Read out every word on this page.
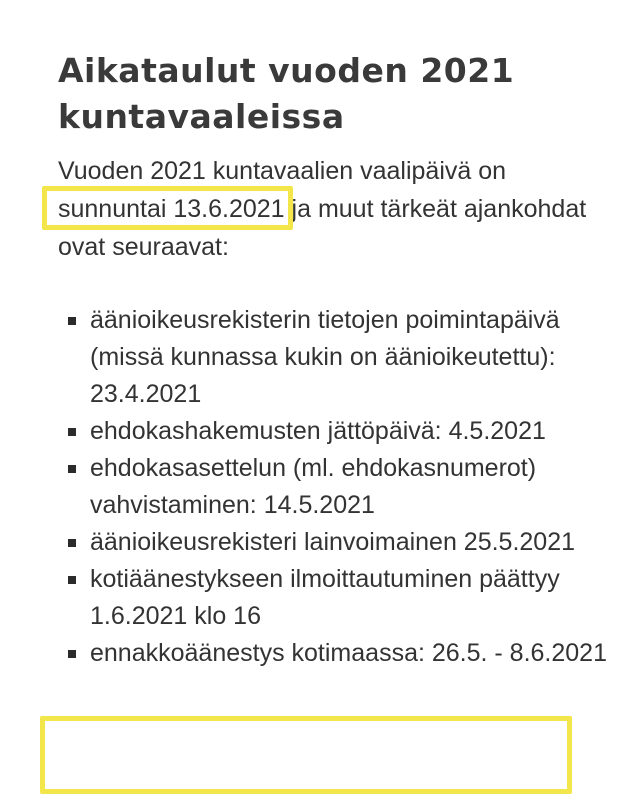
Aikataulut vuoden 2021 kuntavaaleissa

Vuoden 2021 kuntavaalien vaalipäivä on sunnuntai 13.6.2021 ja muut tärkeät ajankohdat ovat seuraavat:

äänioikeusrekisterin tietojen poimintapäivä (missä kunnassa kukin on äänioikeutettu): 23.4.2021
ehdokashakemusten jättöpäivä: 4.5.2021
ehdokasasettelun (ml. ehdokasnumerot) vahvistaminen: 14.5.2021
äänioikeusrekisteri lainvoimainen 25.5.2021
kotiäänestykseen ilmoittautuminen päättyy 1.6.2021 klo 16
ennakkoäänestys kotimaassa: 26.5. - 8.6.2021
